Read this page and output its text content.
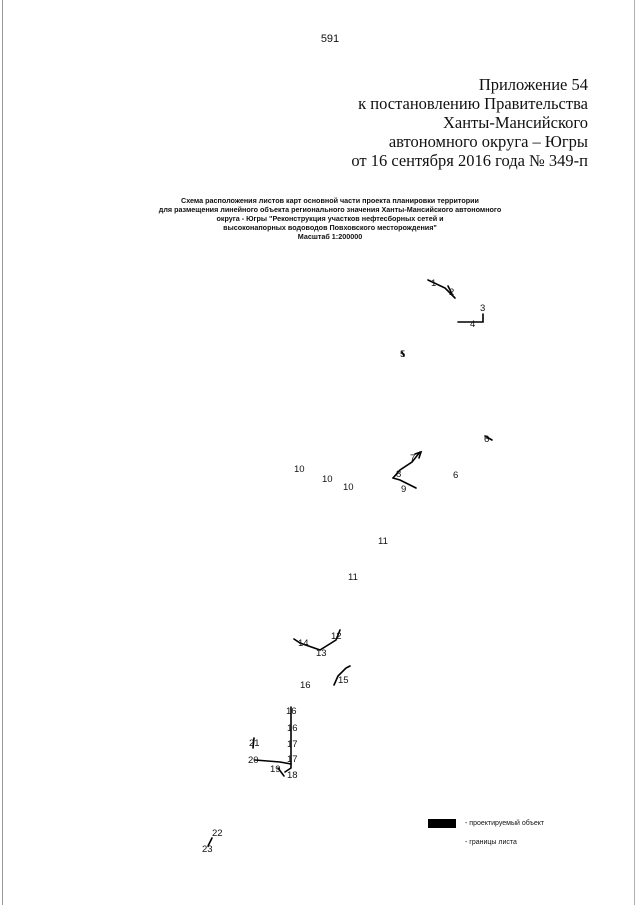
591
Приложение 54
к постановлению Правительства
Ханты-Мансийского
автономного округа – Югры
от 16 сентября 2016 года № 349-п
Схема расположения листов карт основной части проекта планировки территории
для размещения линейного объекта регионального значения Ханты-Мансийского автономного
округа - Югры "Реконструкция участков нефтесборных сетей и
высоконапорных водоводов Повховского месторождения"
Масштаб 1:200000
1
2
3
4
5
6
6
7
8
9
10
10
10
11
11
12
13
14
15
16
16
16
17
17
18
19
20
21
22
23
- проектируемый объект
- границы листа
